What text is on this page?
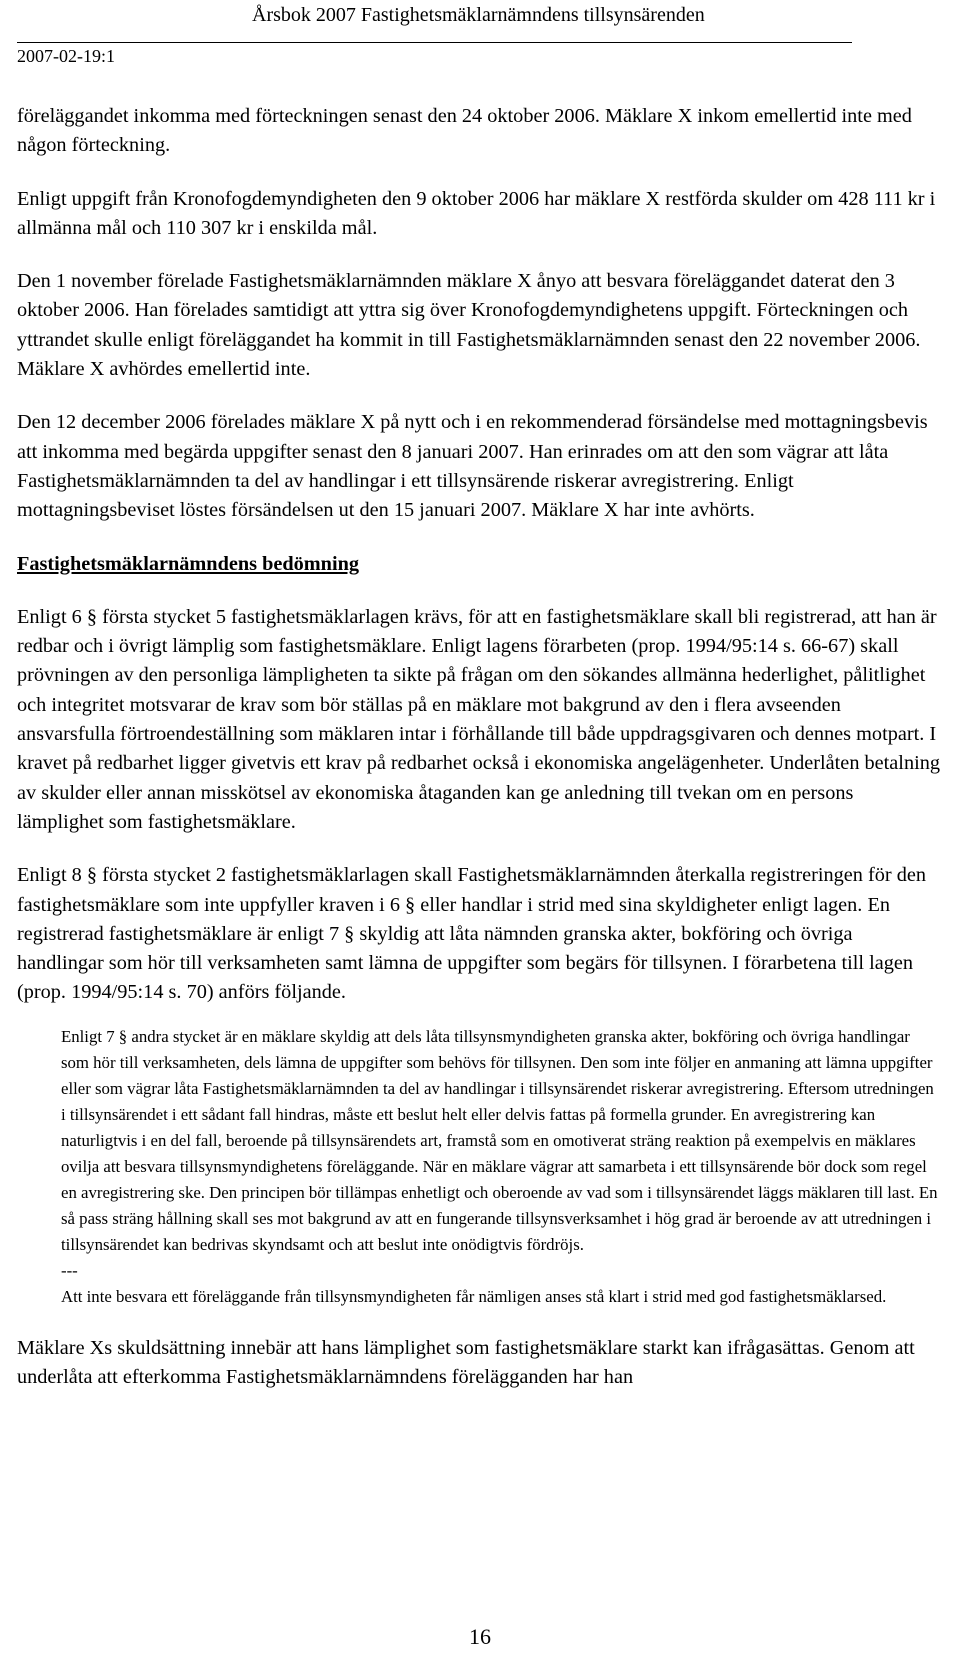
Årsbok 2007 Fastighetsmäklarnämndens tillsynsärenden
2007-02-19:1

föreläggandet inkomma med förteckningen senast den 24 oktober 2006. Mäklare X inkom emellertid inte med någon förteckning.

Enligt uppgift från Kronofogdemyndigheten den 9 oktober 2006 har mäklare X restförda skulder om 428 111 kr i allmänna mål och 110 307 kr i enskilda mål.

Den 1 november förelade Fastighetsmäklarnämnden mäklare X ånyo att besvara föreläggandet daterat den 3 oktober 2006. Han förelades samtidigt att yttra sig över Kronofogdemyndighetens uppgift. Förteckningen och yttrandet skulle enligt föreläggandet ha kommit in till Fastighetsmäklarnämnden senast den 22 november 2006. Mäklare X avhördes emellertid inte.

Den 12 december 2006 förelades mäklare X på nytt och i en rekommenderad försändelse med mottagningsbevis att inkomma med begärda uppgifter senast den 8 januari 2007. Han erinrades om att den som vägrar att låta Fastighetsmäklarnämnden ta del av handlingar i ett tillsynsärende riskerar avregistrering. Enligt mottagningsbeviset löstes försändelsen ut den 15 januari 2007. Mäklare X har inte avhörts.

Fastighetsmäklarnämndens bedömning

Enligt 6 § första stycket 5 fastighetsmäklarlagen krävs, för att en fastighetsmäklare skall bli registrerad, att han är redbar och i övrigt lämplig som fastighetsmäklare. Enligt lagens förarbeten (prop. 1994/95:14 s. 66-67) skall prövningen av den personliga lämpligheten ta sikte på frågan om den sökandes allmänna hederlighet, pålitlighet och integritet motsvarar de krav som bör ställas på en mäklare mot bakgrund av den i flera avseenden ansvarsfulla förtroendeställning som mäklaren intar i förhållande till både uppdragsgivaren och dennes motpart. I kravet på redbarhet ligger givetvis ett krav på redbarhet också i ekonomiska angelägenheter. Underlåten betalning av skulder eller annan misskötsel av ekonomiska åtaganden kan ge anledning till tvekan om en persons lämplighet som fastighetsmäklare.

Enligt 8 § första stycket 2 fastighetsmäklarlagen skall Fastighetsmäklarnämnden återkalla registreringen för den fastighetsmäklare som inte uppfyller kraven i 6 § eller handlar i strid med sina skyldigheter enligt lagen. En registrerad fastighetsmäklare är enligt 7 § skyldig att låta nämnden granska akter, bokföring och övriga handlingar som hör till verksamheten samt lämna de uppgifter som begärs för tillsynen. I förarbetena till lagen (prop. 1994/95:14 s. 70) anförs följande.

Enligt 7 § andra stycket är en mäklare skyldig att dels låta tillsynsmyndigheten granska akter, bokföring och övriga handlingar som hör till verksamheten, dels lämna de uppgifter som behövs för tillsynen. Den som inte följer en anmaning att lämna uppgifter eller som vägrar låta Fastighetsmäklarnämnden ta del av handlingar i tillsynsärendet riskerar avregistrering. Eftersom utredningen i tillsynsärendet i ett sådant fall hindras, måste ett beslut helt eller delvis fattas på formella grunder. En avregistrering kan naturligtvis i en del fall, beroende på tillsynsärendets art, framstå som en omotiverat sträng reaktion på exempelvis en mäklares ovilja att besvara tillsynsmyndighetens föreläggande. När en mäklare vägrar att samarbeta i ett tillsynsärende bör dock som regel en avregistrering ske. Den principen bör tillämpas enhetligt och oberoende av vad som i tillsynsärendet läggs mäklaren till last. En så pass sträng hållning skall ses mot bakgrund av att en fungerande tillsynsverksamhet i hög grad är beroende av att utredningen i tillsynsärendet kan bedrivas skyndsamt och att beslut inte onödigtvis fördröjs.

---

Att inte besvara ett föreläggande från tillsynsmyndigheten får nämligen anses stå klart i strid med god fastighetsmäklarsed.

Mäklare Xs skuldsättning innebär att hans lämplighet som fastighetsmäklare starkt kan ifrågasättas. Genom att underlåta att efterkomma Fastighetsmäklarnämndens förelägganden har han

16
